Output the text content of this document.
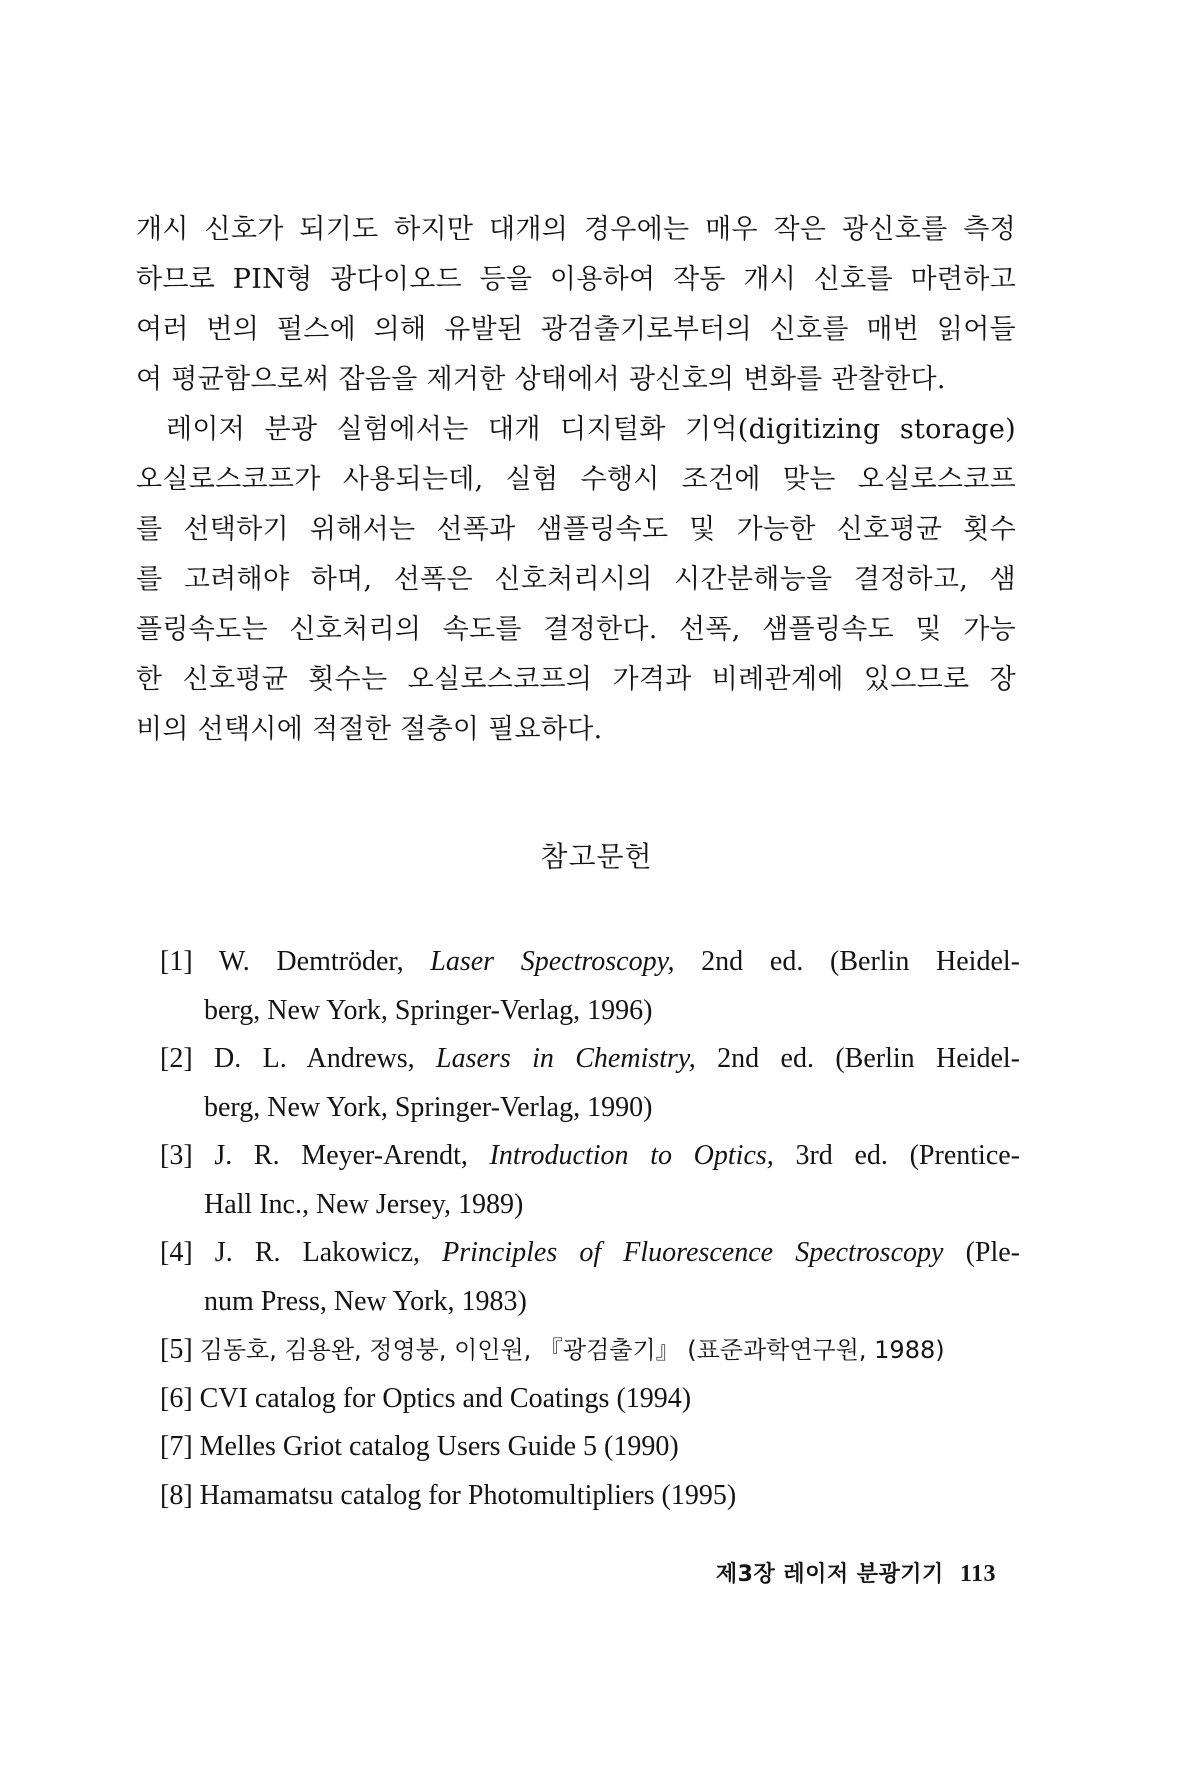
개시 신호가 되기도 하지만 대개의 경우에는 매우 작은 광신호를 측정
하므로 PIN형 광다이오드 등을 이용하여 작동 개시 신호를 마련하고
여러 번의 펄스에 의해 유발된 광검출기로부터의 신호를 매번 읽어들
여 평균함으로써 잡음을 제거한 상태에서 광신호의 변화를 관찰한다.
레이저 분광 실험에서는 대개 디지털화 기억(digitizing storage)
오실로스코프가 사용되는데, 실험 수행시 조건에 맞는 오실로스코프
를 선택하기 위해서는 선폭과 샘플링속도 및 가능한 신호평균 횟수
를 고려해야 하며, 선폭은 신호처리시의 시간분해능을 결정하고, 샘
플링속도는 신호처리의 속도를 결정한다. 선폭, 샘플링속도 및 가능
한 신호평균 횟수는 오실로스코프의 가격과 비례관계에 있으므로 장
비의 선택시에 적절한 절충이 필요하다.
참고문헌
[1] W. Demtröder, Laser Spectroscopy, 2nd ed. (Berlin Heidel-
berg, New York, Springer-Verlag, 1996)
[2] D. L. Andrews, Lasers in Chemistry, 2nd ed. (Berlin Heidel-
berg, New York, Springer-Verlag, 1990)
[3] J. R. Meyer-Arendt, Introduction to Optics, 3rd ed. (Prentice-
Hall Inc., New Jersey, 1989)
[4] J. R. Lakowicz, Principles of Fluorescence Spectroscopy (Ple-
num Press, New York, 1983)
[5] 김동호, 김용완, 정영붕, 이인원, 『광검출기』 (표준과학연구원, 1988)
[6] CVI catalog for Optics and Coatings (1994)
[7] Melles Griot catalog Users Guide 5 (1990)
[8] Hamamatsu catalog for Photomultipliers (1995)
제3장 레이저 분광기기 113
